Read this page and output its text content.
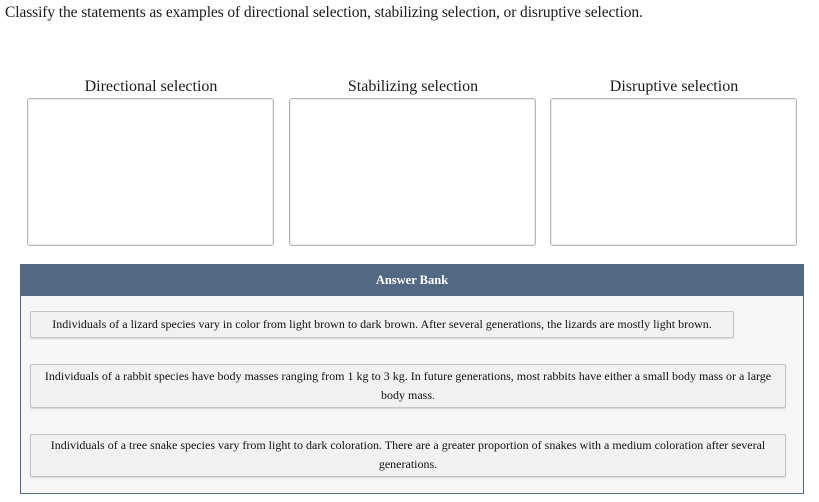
Classify the statements as examples of directional selection, stabilizing selection, or disruptive selection.
Directional selection	Stabilizing selection	Disruptive selection
Answer Bank
Individuals of a lizard species vary in color from light brown to dark brown. After several generations, the lizards are mostly light brown.
Individuals of a rabbit species have body masses ranging from 1 kg to 3 kg. In future generations, most rabbits have either a small body mass or a large body mass.
Individuals of a tree snake species vary from light to dark coloration. There are a greater proportion of snakes with a medium coloration after several generations.
